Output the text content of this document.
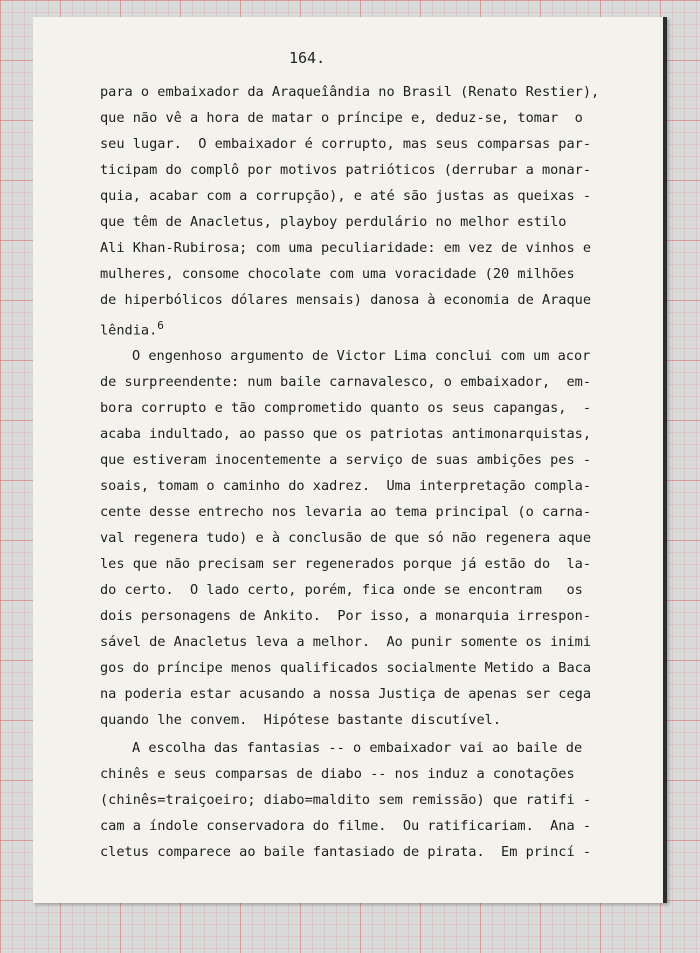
164.
para o embaixador da Araqueîândia no Brasil (Renato Restier),
que não vê a hora de matar o príncipe e, deduz-se, tomar  o
seu lugar.  O embaixador é corrupto, mas seus comparsas par-
ticipam do complô por motivos patrióticos (derrubar a monar-
quia, acabar com a corrupção), e até são justas as queixas -
que têm de Anacletus, playboy perdulário no melhor estilo
Ali Khan-Rubirosa; com uma peculiaridade: em vez de vinhos e
mulheres, consome chocolate com uma voracidade (20 milhões
de hiperbólicos dólares mensais) danosa à economia de Araque
lêndia.$^6$
O engenhoso argumento de Victor Lima conclui com um acor
de surpreendente: num baile carnavalesco, o embaixador,  em-
bora corrupto e tão comprometido quanto os seus capangas,  -
acaba indultado, ao passo que os patriotas antimonarquistas,
que estiveram inocentemente a serviço de suas ambições pes -
soais, tomam o caminho do xadrez.  Uma interpretação compla-
cente desse entrecho nos levaria ao tema principal (o carna-
val regenera tudo) e à conclusão de que só não regenera aque
les que não precisam ser regenerados porque já estão do  la-
do certo.  O lado certo, porém, fica onde se encontram   os
dois personagens de Ankito.  Por isso, a monarquia irrespon-
sável de Anacletus leva a melhor.  Ao punir somente os inimi
gos do príncipe menos qualificados socialmente Metido a Baca
na poderia estar acusando a nossa Justiça de apenas ser cega
quando lhe convem.  Hipótese bastante discutível.
A escolha das fantasias -- o embaixador vai ao baile de
chinês e seus comparsas de diabo -- nos induz a conotações
(chinês=traiçoeiro; diabo=maldito sem remissão) que ratifi -
cam a índole conservadora do filme.  Ou ratificariam.  Ana -
cletus comparece ao baile fantasiado de pirata.  Em princí -
